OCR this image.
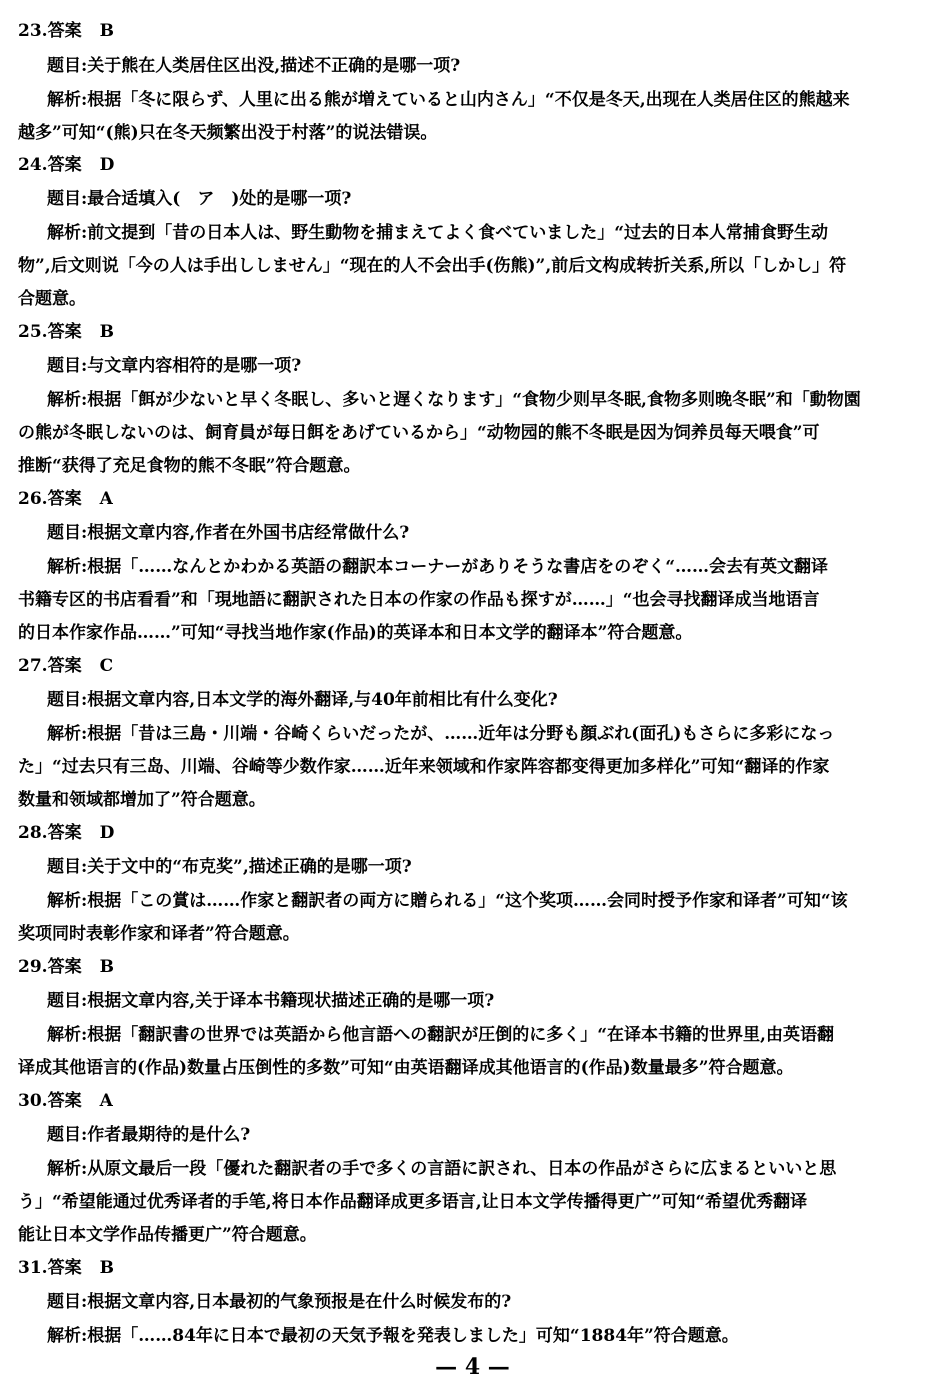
23.答案 B
题目:关于熊在人类居住区出没,描述不正确的是哪一项?
解析:根据「冬に限らず、人里に出る熊が増えていると山内さん」“不仅是冬天,出现在人类居住区的熊越来
越多”可知“(熊)只在冬天频繁出没于村落”的说法错误。
24.答案 D
题目:最合适填入(　ア　)处的是哪一项?
解析:前文提到「昔の日本人は、野生動物を捕まえてよく食べていました」“过去的日本人常捕食野生动
物”,后文则说「今の人は手出ししません」“现在的人不会出手(伤熊)”,前后文构成转折关系,所以「しかし」符
合题意。
25.答案 B
题目:与文章内容相符的是哪一项?
解析:根据「餌が少ないと早く冬眠し、多いと遅くなります」“食物少则早冬眠,食物多则晚冬眠”和「動物園
の熊が冬眠しないのは、飼育員が毎日餌をあげているから」“动物园的熊不冬眠是因为饲养员每天喂食”可
推断“获得了充足食物的熊不冬眠”符合题意。
26.答案 A
题目:根据文章内容,作者在外国书店经常做什么?
解析:根据「……なんとかわかる英語の翻訳本コーナーがありそうな書店をのぞく“……会去有英文翻译
书籍专区的书店看看”和「現地語に翻訳された日本の作家の作品も探すが……」“也会寻找翻译成当地语言
的日本作家作品……”可知“寻找当地作家(作品)的英译本和日本文学的翻译本”符合题意。
27.答案 C
题目:根据文章内容,日本文学的海外翻译,与40年前相比有什么变化?
解析:根据「昔は三島・川端・谷崎くらいだったが、……近年は分野も顔ぶれ(面孔)もさらに多彩になっ
た」“过去只有三岛、川端、谷崎等少数作家……近年来领域和作家阵容都变得更加多样化”可知“翻译的作家
数量和领域都增加了”符合题意。
28.答案 D
题目:关于文中的“布克奖”,描述正确的是哪一项?
解析:根据「この賞は……作家と翻訳者の両方に贈られる」“这个奖项……会同时授予作家和译者”可知“该
奖项同时表彰作家和译者”符合题意。
29.答案 B
题目:根据文章内容,关于译本书籍现状描述正确的是哪一项?
解析:根据「翻訳書の世界では英語から他言語への翻訳が圧倒的に多く」“在译本书籍的世界里,由英语翻
译成其他语言的(作品)数量占压倒性的多数”可知“由英语翻译成其他语言的(作品)数量最多”符合题意。
30.答案 A
题目:作者最期待的是什么?
解析:从原文最后一段「優れた翻訳者の手で多くの言語に訳され、日本の作品がさらに広まるといいと思
う」“希望能通过优秀译者的手笔,将日本作品翻译成更多语言,让日本文学传播得更广”可知“希望优秀翻译
能让日本文学作品传播更广”符合题意。
31.答案 B
题目:根据文章内容,日本最初的气象预报是在什么时候发布的?
解析:根据「……84年に日本で最初の天気予報を発表しました」可知“1884年”符合题意。
— 4 —
